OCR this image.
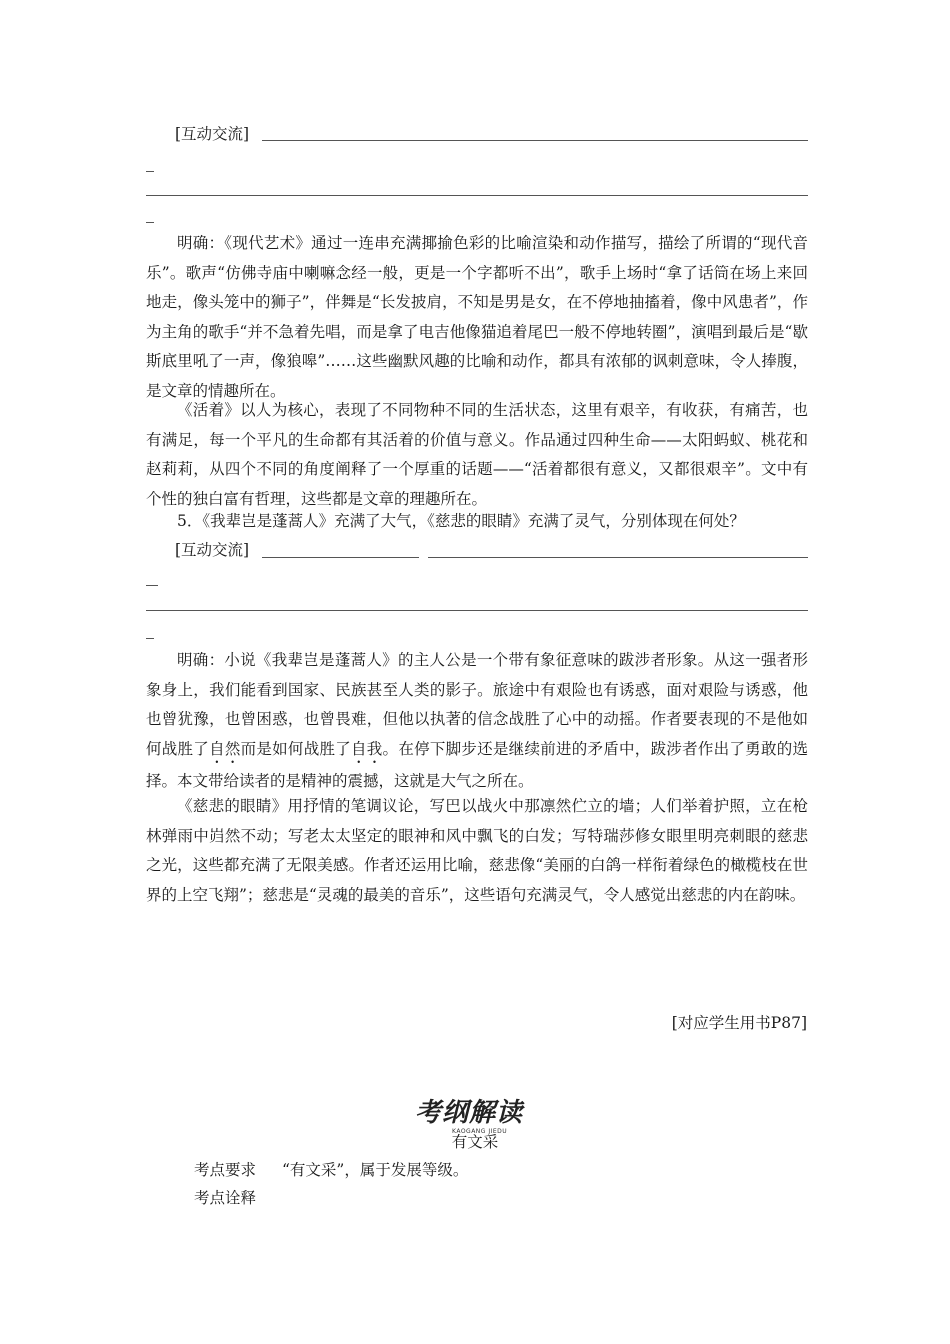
[互动交流]
明确：《现代艺术》通过一连串充满揶揄色彩的比喻渲染和动作描写，描绘了所谓的“现代音乐”。歌声“仿佛寺庙中喇嘛念经一般，更是一个字都听不出”，歌手上场时“拿了话筒在场上来回地走，像头笼中的狮子”，伴舞是“长发披肩，不知是男是女，在不停地抽搐着，像中风患者”，作为主角的歌手“并不急着先唱，而是拿了电吉他像猫追着尾巴一般不停地转圈”，演唱到最后是“歇斯底里吼了一声，像狼嗥”……这些幽默风趣的比喻和动作，都具有浓郁的讽刺意味，令人捧腹，是文章的情趣所在。
《活着》以人为核心，表现了不同物种不同的生活状态，这里有艰辛，有收获，有痛苦，也有满足，每一个平凡的生命都有其活着的价值与意义。作品通过四种生命——太阳蚂蚁、桃花和赵莉莉，从四个不同的角度阐释了一个厚重的话题——“活着都很有意义，又都很艰辛”。文中有个性的独白富有哲理，这些都是文章的理趣所在。
5．《我辈岂是蓬蒿人》充满了大气，《慈悲的眼睛》充满了灵气，分别体现在何处？
[互动交流]
明确：小说《我辈岂是蓬蒿人》的主人公是一个带有象征意味的跋涉者形象。从这一强者形象身上，我们能看到国家、民族甚至人类的影子。旅途中有艰险也有诱惑，面对艰险与诱惑，他也曾犹豫，也曾困惑，也曾畏难，但他以执著的信念战胜了心中的动摇。作者要表现的不是他如何战胜了自然而是如何战胜了自我。在停下脚步还是继续前进的矛盾中，跋涉者作出了勇敢的选择。本文带给读者的是精神的震撼，这就是大气之所在。
《慈悲的眼睛》用抒情的笔调议论，写巴以战火中那凛然伫立的墙；人们举着护照，立在枪林弹雨中岿然不动；写老太太坚定的眼神和风中飘飞的白发；写特瑞莎修女眼里明亮刺眼的慈悲之光，这些都充满了无限美感。作者还运用比喻，慈悲像“美丽的白鸽一样衔着绿色的橄榄枝在世界的上空飞翔”；慈悲是“灵魂的最美的音乐”，这些语句充满灵气，令人感觉出慈悲的内在韵味。
[对应学生用书P87]
考纲解读
KAOGANG JIEDU
有文采
考点要求 “有文采”，属于发展等级。
考点诠释
